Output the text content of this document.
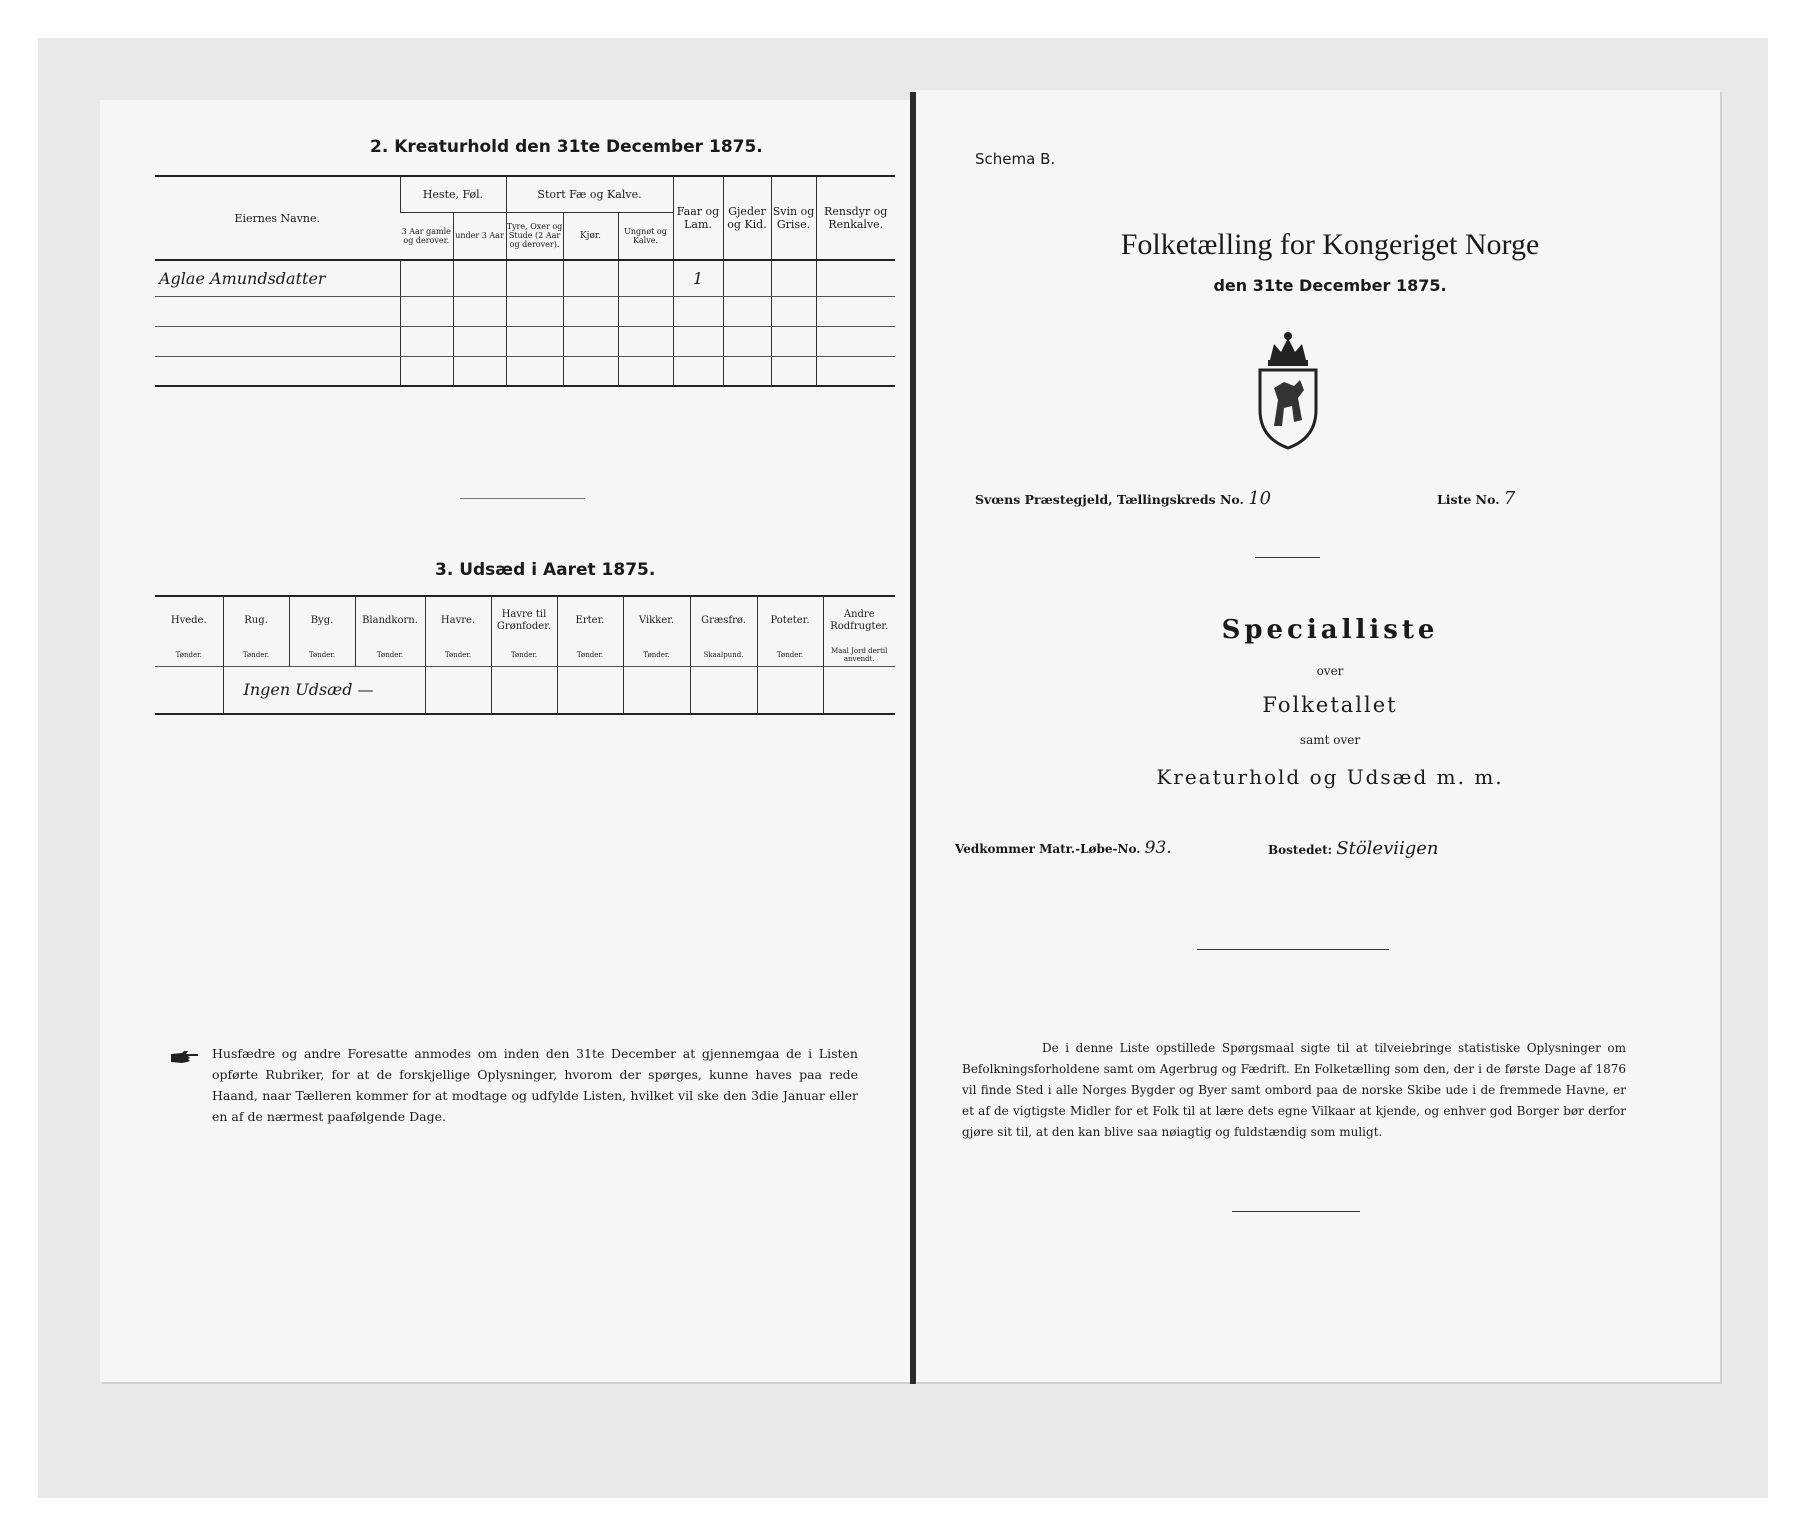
2. Kreaturhold den 31te December 1875.
Eiernes Navne.	Heste, Føl.		Stort Fæ og Kalve.			Faar og Lam.	Gjeder og Kid.	Svin og Grise.	Rensdyr og Renkalve.
	3 Aar gamle og derover.	under 3 Aar	Tyre, Oxer og Stude (2 Aar og derover).	Kjør.	Ungnøt og Kalve.				
Aglae Amundsdatter						1			

3. Udsæd i Aaret 1875.
Hvede.	Rug.	Byg.	Blandkorn.	Havre.	Havre til Grønfoder.	Erter.	Vikker.	Græsfrø.	Poteter.	Andre Rodfrugter.
Tønder.	Tønder.	Tønder.	Tønder.	Tønder.	Tønder.	Tønder.	Tønder.	Skaalpund.	Tønder.	Maal Jord dertil anvendt.
	Ingen Udsæd —									
Husfædre og andre Foresatte anmodes om inden den 31te December at gjennemgaa de i Listen opførte Rubriker, for at de forskjellige Oplysninger, hvorom der spørges, kunne haves paa rede Haand, naar Tælleren kommer for at modtage og udfylde Listen, hvilket vil ske den 3die Januar eller en af de nærmest paafølgende Dage.
Schema B.
Folketælling for Kongeriget Norge
den 31te December 1875.
Svœns Præstegjeld, Tællingskreds No. 10	Liste No. 7
Specialliste
over
Folketallet
samt over
Kreaturhold og Udsæd m. m.
Vedkommer Matr.-Løbe-No. 93.	Bostedet: Stöleviigen
De i denne Liste opstillede Spørgsmaal sigte til at tilveiebringe statistiske Oplysninger om Befolkningsforholdene samt om Agerbrug og Fædrift. En Folketælling som den, der i de første Dage af 1876 vil finde Sted i alle Norges Bygder og Byer samt ombord paa de norske Skibe ude i de fremmede Havne, er et af de vigtigste Midler for et Folk til at lære dets egne Vilkaar at kjende, og enhver god Borger bør derfor gjøre sit til, at den kan blive saa nøiagtig og fuldstændig som muligt.
